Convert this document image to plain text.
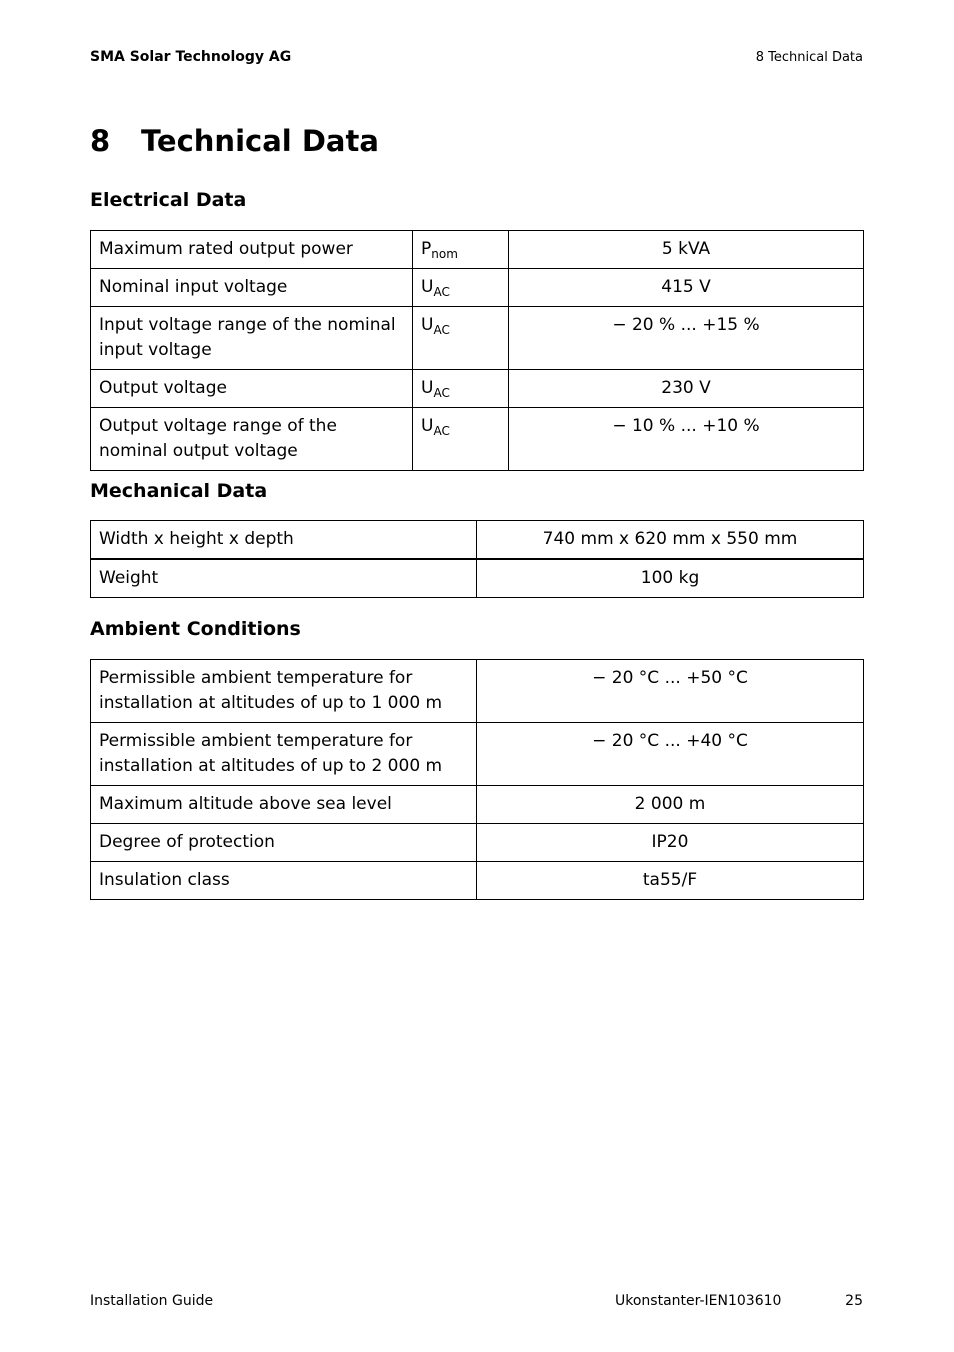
SMA Solar Technology AG	8 Technical Data
8 Technical Data
Electrical Data
Maximum rated output power	$P_{nom}$	5 kVA
Nominal input voltage	$U_{AC}$	415 V
Input voltage range of the nominal input voltage	$U_{AC}$	− 20 % ... +15 %
Output voltage	$U_{AC}$	230 V
Output voltage range of the nominal output voltage	$U_{AC}$	− 10 % ... +10 %
Mechanical Data
Width x height x depth	740 mm x 620 mm x 550 mm
Weight	100 kg
Ambient Conditions
Permissible ambient temperature for installation at altitudes of up to 1 000 m	− 20 °C ... +50 °C
Permissible ambient temperature for installation at altitudes of up to 2 000 m	− 20 °C ... +40 °C
Maximum altitude above sea level	2 000 m
Degree of protection	IP20
Insulation class	ta55/F
Installation Guide	Ukonstanter-IEN103610	25
